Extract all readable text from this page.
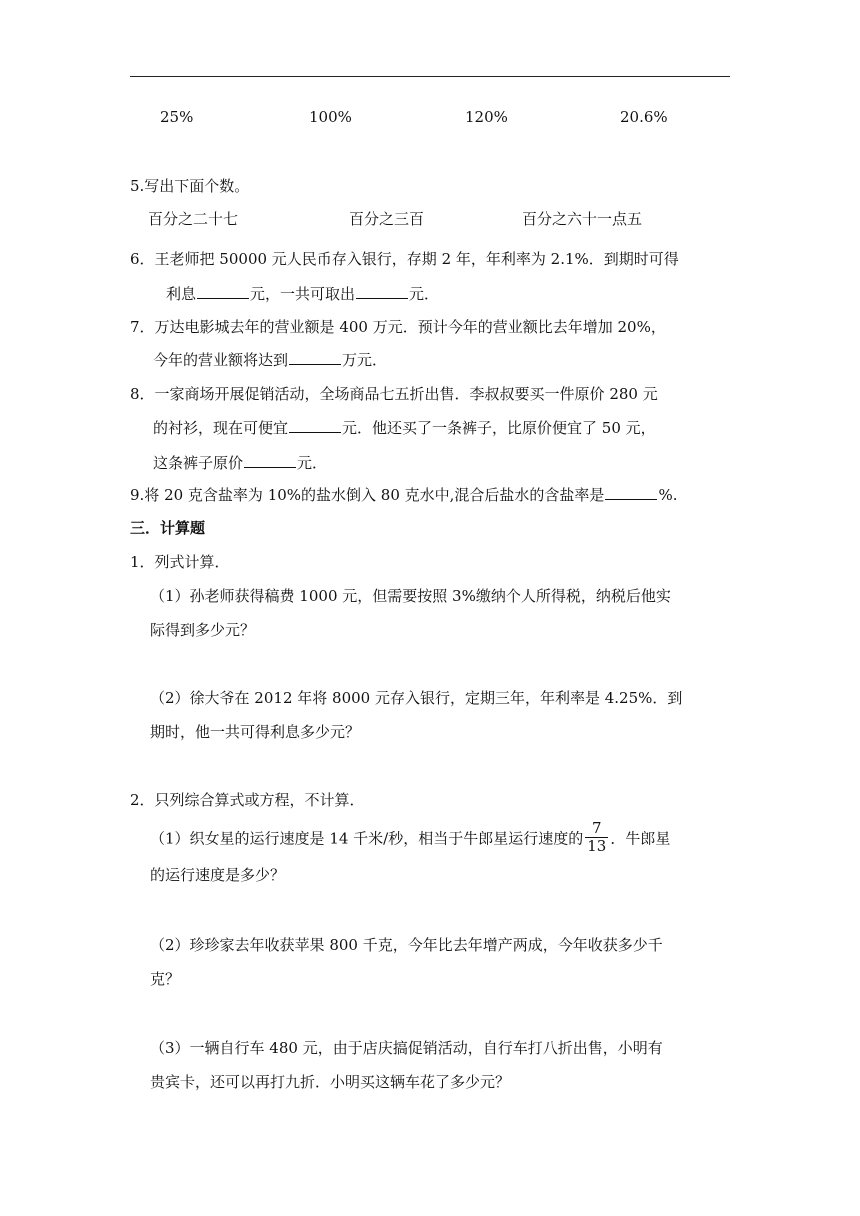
25%	100%	120%	20.6%
5.写出下面个数。
百分之二十七	百分之三百	百分之六十一点五
6．王老师把 50000 元人民币存入银行，存期 2 年，年利率为 2.1%．到期时可得
利息	元，一共可取出	元．
7．万达电影城去年的营业额是 400 万元．预计今年的营业额比去年增加 20%，
今年的营业额将达到	万元．
8．一家商场开展促销活动，全场商品七五折出售．李叔叔要买一件原价 280 元
的衬衫，现在可便宜	元．他还买了一条裤子，比原价便宜了 50 元，
这条裤子原价	元．
9.将 20 克含盐率为 10%的盐水倒入 80 克水中,混合后盐水的含盐率是	%.
三．计算题
1．列式计算．
（1）孙老师获得稿费 1000 元，但需要按照 3%缴纳个人所得税，纳税后他实
际得到多少元？
（2）徐大爷在 2012 年将 8000 元存入银行，定期三年，年利率是 4.25%．到
期时，他一共可得利息多少元？
2．只列综合算式或方程，不计算．
（1）织女星的运行速度是 14 千米/秒，相当于牛郎星运行速度的 $\frac{7}{13}$ ．牛郎星
的运行速度是多少？
（2）珍珍家去年收获苹果 800 千克，今年比去年增产两成，今年收获多少千
克？
（3）一辆自行车 480 元，由于店庆搞促销活动，自行车打八折出售，小明有
贵宾卡，还可以再打九折．小明买这辆车花了多少元？
